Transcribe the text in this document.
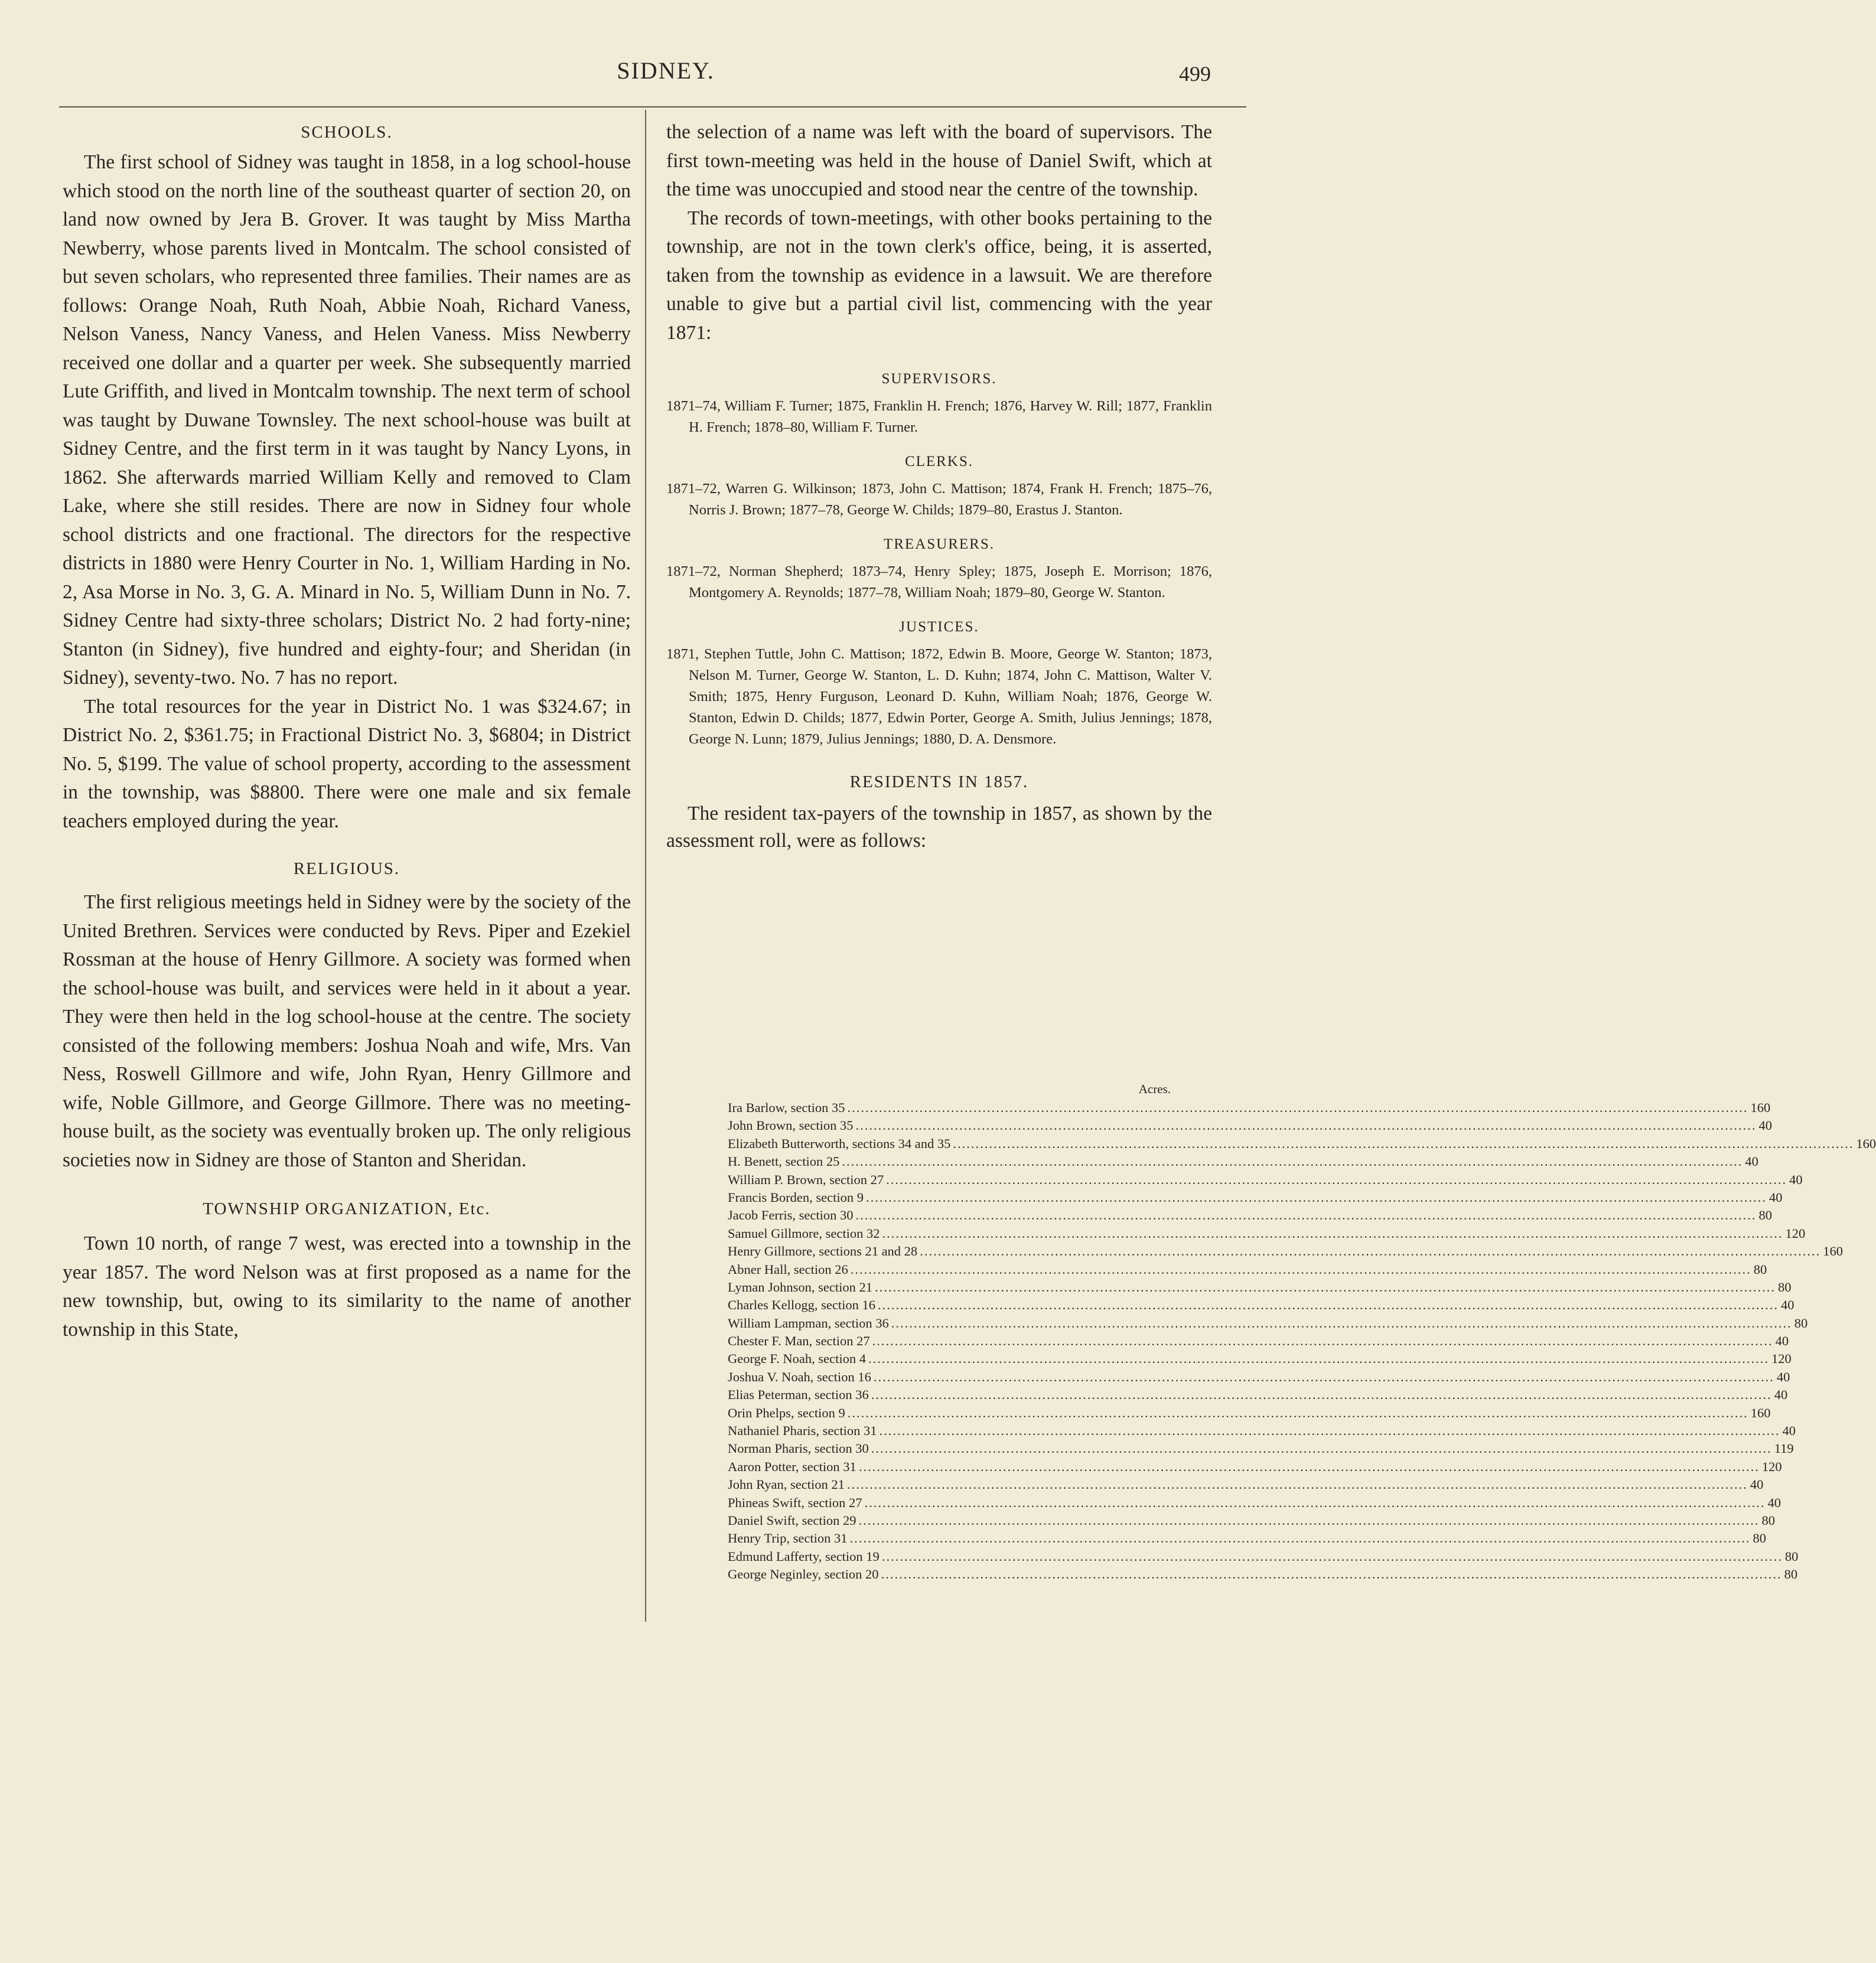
SIDNEY.	499

SCHOOLS.

The first school of Sidney was taught in 1858, in a log school-house which stood on the north line of the southeast quarter of section 20, on land now owned by Jera B. Grover. It was taught by Miss Martha Newberry, whose parents lived in Montcalm. The school consisted of but seven scholars, who represented three families. Their names are as follows: Orange Noah, Ruth Noah, Abbie Noah, Richard Vaness, Nelson Vaness, Nancy Vaness, and Helen Vaness. Miss Newberry received one dollar and a quarter per week. She subsequently married Lute Griffith, and lived in Montcalm township. The next term of school was taught by Duwane Townsley. The next school-house was built at Sidney Centre, and the first term in it was taught by Nancy Lyons, in 1862. She afterwards married William Kelly and removed to Clam Lake, where she still resides. There are now in Sidney four whole school districts and one fractional. The directors for the respective districts in 1880 were Henry Courter in No. 1, William Harding in No. 2, Asa Morse in No. 3, G. A. Minard in No. 5, William Dunn in No. 7. Sidney Centre had sixty-three scholars; District No. 2 had forty-nine; Stanton (in Sidney), five hundred and eighty-four; and Sheridan (in Sidney), seventy-two. No. 7 has no report.

The total resources for the year in District No. 1 was $324.67; in District No. 2, $361.75; in Fractional District No. 3, $6804; in District No. 5, $199. The value of school property, according to the assessment in the township, was $8800. There were one male and six female teachers employed during the year.

RELIGIOUS.

The first religious meetings held in Sidney were by the society of the United Brethren. Services were conducted by Revs. Piper and Ezekiel Rossman at the house of Henry Gillmore. A society was formed when the school-house was built, and services were held in it about a year. They were then held in the log school-house at the centre. The society consisted of the following members: Joshua Noah and wife, Mrs. Van Ness, Roswell Gillmore and wife, John Ryan, Henry Gillmore and wife, Noble Gillmore, and George Gillmore. There was no meeting-house built, as the society was eventually broken up. The only religious societies now in Sidney are those of Stanton and Sheridan.

TOWNSHIP ORGANIZATION, Etc.

Town 10 north, of range 7 west, was erected into a township in the year 1857. The word Nelson was at first proposed as a name for the new township, but, owing to its similarity to the name of another township in this State,

the selection of a name was left with the board of supervisors. The first town-meeting was held in the house of Daniel Swift, which at the time was unoccupied and stood near the centre of the township.

The records of town-meetings, with other books pertaining to the township, are not in the town clerk's office, being, it is asserted, taken from the township as evidence in a lawsuit. We are therefore unable to give but a partial civil list, commencing with the year 1871:

SUPERVISORS.

1871–74, William F. Turner; 1875, Franklin H. French; 1876, Harvey W. Rill; 1877, Franklin H. French; 1878–80, William F. Turner.

CLERKS.

1871–72, Warren G. Wilkinson; 1873, John C. Mattison; 1874, Frank H. French; 1875–76, Norris J. Brown; 1877–78, George W. Childs; 1879–80, Erastus J. Stanton.

TREASURERS.

1871–72, Norman Shepherd; 1873–74, Henry Spley; 1875, Joseph E. Morrison; 1876, Montgomery A. Reynolds; 1877–78, William Noah; 1879–80, George W. Stanton.

JUSTICES.

1871, Stephen Tuttle, John C. Mattison; 1872, Edwin B. Moore, George W. Stanton; 1873, Nelson M. Turner, George W. Stanton, L. D. Kuhn; 1874, John C. Mattison, Walter V. Smith; 1875, Henry Furguson, Leonard D. Kuhn, William Noah; 1876, George W. Stanton, Edwin D. Childs; 1877, Edwin Porter, George A. Smith, Julius Jennings; 1878, George N. Lunn; 1879, Julius Jennings; 1880, D. A. Densmore.

RESIDENTS IN 1857.

The resident tax-payers of the township in 1857, as shown by the assessment roll, were as follows:

Acres.

Ira Barlow, section 35 ........................................................................................................................................................................................................ 160
John Brown, section 35 ........................................................................................................................................................................................................ 40
Elizabeth Butterworth, sections 34 and 35 ........................................................................................................................................................................................................ 160
H. Benett, section 25 ........................................................................................................................................................................................................ 40
William P. Brown, section 27 ........................................................................................................................................................................................................ 40
Francis Borden, section 9 ........................................................................................................................................................................................................ 40
Jacob Ferris, section 30 ........................................................................................................................................................................................................ 80
Samuel Gillmore, section 32 ........................................................................................................................................................................................................ 120
Henry Gillmore, sections 21 and 28 ........................................................................................................................................................................................................ 160
Abner Hall, section 26 ........................................................................................................................................................................................................ 80
Lyman Johnson, section 21 ........................................................................................................................................................................................................ 80
Charles Kellogg, section 16 ........................................................................................................................................................................................................ 40
William Lampman, section 36 ........................................................................................................................................................................................................ 80
Chester F. Man, section 27 ........................................................................................................................................................................................................ 40
George F. Noah, section 4 ........................................................................................................................................................................................................ 120
Joshua V. Noah, section 16 ........................................................................................................................................................................................................ 40
Elias Peterman, section 36 ........................................................................................................................................................................................................ 40
Orin Phelps, section 9 ........................................................................................................................................................................................................ 160
Nathaniel Pharis, section 31 ........................................................................................................................................................................................................ 40
Norman Pharis, section 30 ........................................................................................................................................................................................................ 119
Aaron Potter, section 31 ........................................................................................................................................................................................................ 120
John Ryan, section 21 ........................................................................................................................................................................................................ 40
Phineas Swift, section 27 ........................................................................................................................................................................................................ 40
Daniel Swift, section 29 ........................................................................................................................................................................................................ 80
Henry Trip, section 31 ........................................................................................................................................................................................................ 80
Edmund Lafferty, section 19 ........................................................................................................................................................................................................ 80
George Neginley, section 20 ........................................................................................................................................................................................................ 80
